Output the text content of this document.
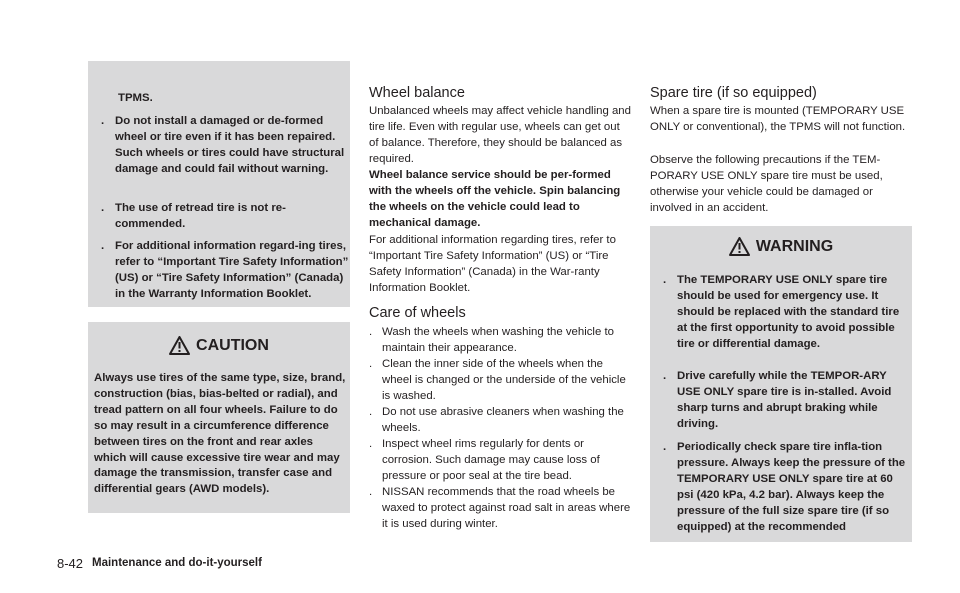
TPMS.
. Do not install a damaged or de-formed wheel or tire even if it has been repaired. Such wheels or tires could have structural damage and could fail without warning.
. The use of retread tire is not re-commended.
. For additional information regard-ing tires, refer to “Important Tire Safety Information” (US) or “Tire Safety Information” (Canada) in the Warranty Information Booklet.
CAUTION
Always use tires of the same type, size, brand, construction (bias, bias-belted or radial), and tread pattern on all four wheels. Failure to do so may result in a circumference difference between tires on the front and rear axles which will cause excessive tire wear and may damage the transmission, transfer case and differential gears (AWD models).
Wheel balance

Unbalanced wheels may affect vehicle handling and tire life. Even with regular use, wheels can get out of balance. Therefore, they should be balanced as required.

Wheel balance service should be per-formed with the wheels off the vehicle. Spin balancing the wheels on the vehicle could lead to mechanical damage.

For additional information regarding tires, refer to “Important Tire Safety Information” (US) or “Tire Safety Information” (Canada) in the War-ranty Information Booklet.

Care of wheels
. Wash the wheels when washing the vehicle to maintain their appearance.
. Clean the inner side of the wheels when the wheel is changed or the underside of the vehicle is washed.
. Do not use abrasive cleaners when washing the wheels.
. Inspect wheel rims regularly for dents or corrosion. Such damage may cause loss of pressure or poor seal at the tire bead.
. NISSAN recommends that the road wheels be waxed to protect against road salt in areas where it is used during winter.
Spare tire (if so equipped)

When a spare tire is mounted (TEMPORARY USE ONLY or conventional), the TPMS will not function.

Observe the following precautions if the TEM-PORARY USE ONLY spare tire must be used, otherwise your vehicle could be damaged or involved in an accident.

WARNING
. The TEMPORARY USE ONLY spare tire should be used for emergency use. It should be replaced with the standard tire at the first opportunity to avoid possible tire or differential damage.
. Drive carefully while the TEMPOR-ARY USE ONLY spare tire is in-stalled. Avoid sharp turns and abrupt braking while driving.
. Periodically check spare tire infla-tion pressure. Always keep the pressure of the TEMPORARY USE ONLY spare tire at 60 psi (420 kPa, 4.2 bar). Always keep the pressure of the full size spare tire (if so equipped) at the recommended
8-42 Maintenance and do-it-yourself
